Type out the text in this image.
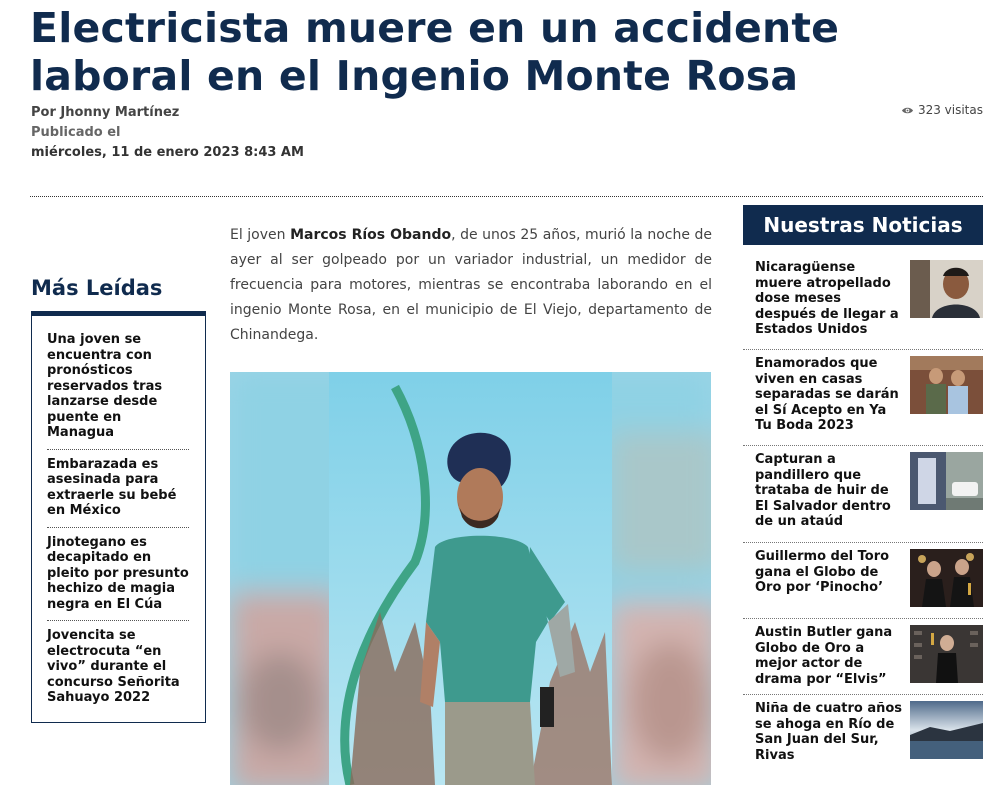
Electricista muere en un accidente laboral en el Ingenio Monte Rosa
Por Jhonny Martínez
Publicado el
miércoles, 11 de enero 2023 8:43 AM
323 visitas
Más Leídas
Una joven se encuentra con pronósticos reservados tras lanzarse desde puente en Managua
Embarazada es asesinada para extraerle su bebé en México
Jinotegano es decapitado en pleito por presunto hechizo de magia negra en El Cúa
Jovencita se electrocuta “en vivo” durante el concurso Señorita Sahuayo 2022

El joven Marcos Ríos Obando, de unos 25 años, murió la noche de ayer al ser golpeado por un variador industrial, un medidor de frecuencia para motores, mientras se encontraba laborando en el ingenio Monte Rosa, en el municipio de El Viejo, departamento de Chinandega.

Nuestras Noticias
Nicaragüense muere atropellado dose meses después de llegar a Estados Unidos
Enamorados que viven en casas separadas se darán el Sí Acepto en Ya Tu Boda 2023
Capturan a pandillero que trataba de huir de El Salvador dentro de un ataúd
Guillermo del Toro gana el Globo de Oro por ‘Pinocho’
Austin Butler gana Globo de Oro a mejor actor de drama por “Elvis”
Niña de cuatro años se ahoga en Río de San Juan del Sur, Rivas
